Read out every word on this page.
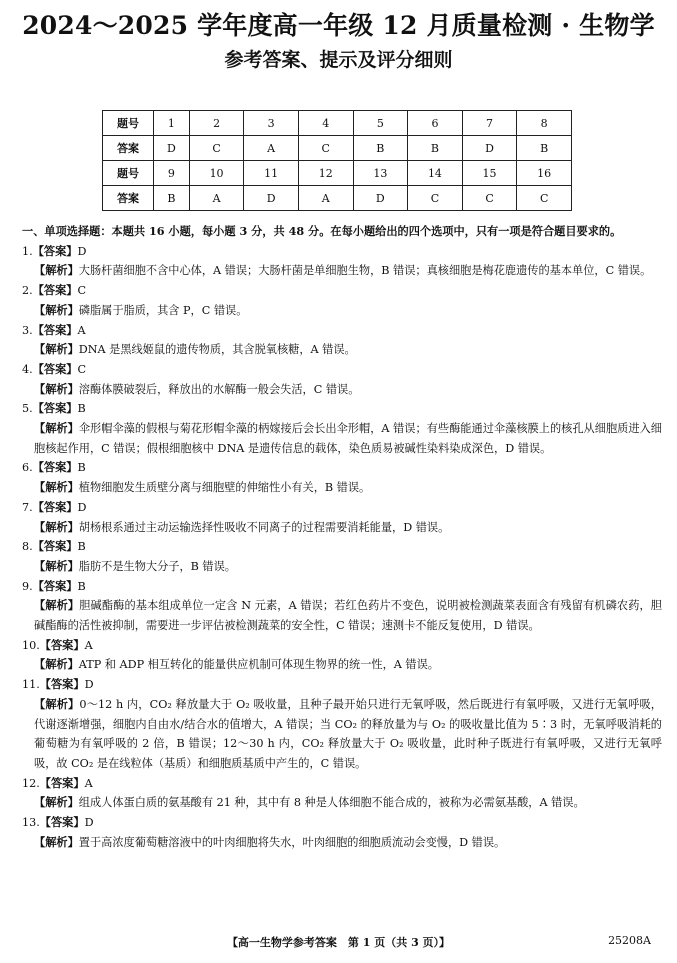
2024～2025 学年度高一年级 12 月质量检测 · 生物学
参考答案、提示及评分细则
题号	1	2	3	4	5	6	7	8
答案	D	C	A	C	B	B	D	B
题号	9	10	11	12	13	14	15	16
答案	B	A	D	A	D	C	C	C

一、单项选择题：本题共 16 小题，每小题 3 分，共 48 分。在每小题给出的四个选项中，只有一项是符合题目要求的。

1.【答案】D

【解析】大肠杆菌细胞不含中心体，A 错误；大肠杆菌是单细胞生物，B 错误；真核细胞是梅花鹿遗传的基本单位，C 错误。

2.【答案】C

【解析】磷脂属于脂质，其含 P，C 错误。

3.【答案】A

【解析】DNA 是黑线姬鼠的遗传物质，其含脱氧核糖，A 错误。

4.【答案】C

【解析】溶酶体膜破裂后，释放出的水解酶一般会失活，C 错误。

5.【答案】B

【解析】伞形帽伞藻的假根与菊花形帽伞藻的柄嫁接后会长出伞形帽，A 错误；有些酶能通过伞藻核膜上的核孔从细胞质进入细胞核起作用，C 错误；假根细胞核中 DNA 是遗传信息的载体，染色质易被碱性染料染成深色，D 错误。

6.【答案】B

【解析】植物细胞发生质壁分离与细胞壁的伸缩性小有关，B 错误。

7.【答案】D

【解析】胡杨根系通过主动运输选择性吸收不同离子的过程需要消耗能量，D 错误。

8.【答案】B

【解析】脂肪不是生物大分子，B 错误。

9.【答案】B

【解析】胆碱酯酶的基本组成单位一定含 N 元素，A 错误；若红色药片不变色，说明被检测蔬菜表面含有残留有机磷农药，胆碱酯酶的活性被抑制，需要进一步评估被检测蔬菜的安全性，C 错误；速测卡不能反复使用，D 错误。

10.【答案】A

【解析】ATP 和 ADP 相互转化的能量供应机制可体现生物界的统一性，A 错误。

11.【答案】D

【解析】0～12 h 内，CO₂ 释放量大于 O₂ 吸收量，且种子最开始只进行无氧呼吸，然后既进行有氧呼吸，又进行无氧呼吸，代谢逐渐增强，细胞内自由水/结合水的值增大，A 错误；当 CO₂ 的释放量为与 O₂ 的吸收量比值为 5∶3 时，无氧呼吸消耗的葡萄糖为有氧呼吸的 2 倍，B 错误；12～30 h 内，CO₂ 释放量大于 O₂ 吸收量，此时种子既进行有氧呼吸，又进行无氧呼吸，故 CO₂ 是在线粒体（基质）和细胞质基质中产生的，C 错误。

12.【答案】A

【解析】组成人体蛋白质的氨基酸有 21 种，其中有 8 种是人体细胞不能合成的，被称为必需氨基酸，A 错误。

13.【答案】D

【解析】置于高浓度葡萄糖溶液中的叶肉细胞将失水，叶肉细胞的细胞质流动会变慢，D 错误。

【高一生物学参考答案　第 1 页（共 3 页）】	25208A
